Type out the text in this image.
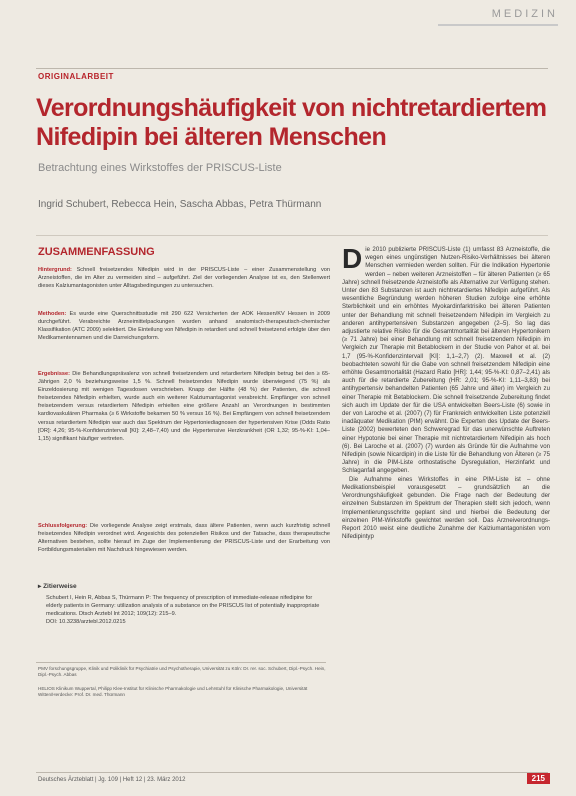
MEDIZIN
ORIGINALARBEIT
Verordnungshäufigkeit von nichtretardiertem Nifedipin bei älteren Menschen
Betrachtung eines Wirkstoffes der PRISCUS-Liste
Ingrid Schubert, Rebecca Hein, Sascha Abbas, Petra Thürmann
ZUSAMMENFASSUNG
Hintergrund: Schnell freisetzendes Nifedipin wird in der PRISCUS-Liste – einer Zusammenstellung von Arzneistoffen, die im Alter zu vermeiden sind – aufgeführt. Ziel der vorliegenden Analyse ist es, den Stellenwert dieses Kalziumantagonisten unter Alltagsbedingungen zu untersuchen.
Methoden: Es wurde eine Querschnittsstudie mit 290 622 Versicherten der AOK Hessen/KV Hessen in 2009 durchgeführt. Verabreichte Arzneimittelpackungen wurden anhand anatomisch-therapeutisch-chemischer Klassifikation (ATC 2009) selektiert. Die Einteilung von Nifedipin in retardiert und schnell freisetzend erfolgte über den Medikamentennamen und die Darreichungsform.
Ergebnisse: Die Behandlungsprävalenz von schnell freisetzendem und retardiertem Nifedipin betrug bei den ≥ 65-Jährigen 2,0 % beziehungsweise 1,5 %. Schnell freisetzendes Nifedipin wurde überwiegend (75 %) als Einzeldosierung mit wenigen Tagesdosen verschrieben. Knapp der Hälfte (48 %) der Patienten, die schnell freisetzendes Nifedipin erhielten, wurde auch ein weiterer Kalziumantagonist verabreicht. Empfänger von schnell freisetzendem versus retardiertem Nifedipin erhielten eine größere Anzahl an Verordnungen in bestimmten kardiovaskulären Pharmaka (≥ 6 Wirkstoffe bekamen 50 % versus 16 %). Bei Empfängern von schnell freisetzendem versus retardiertem Nifedipin war auch das Spektrum der Hypertoniediagnosen der hypertensiven Krise (Odds Ratio [OR]: 4,26; 95-%-Konfidenzintervall [KI]: 2,48–7,40) und die Hypertensive Herzkrankheit (OR 1,32; 95-%-KI: 1,04–1,15) signifikant häufiger vertreten.
Schlussfolgerung: Die vorliegende Analyse zeigt erstmals, dass ältere Patienten, wenn auch kurzfristig schnell freisetzendes Nifedipin verordnet wird. Angesichts des potenziellen Risikos und der Tatsache, dass therapeutische Alternativen bestehen, sollte hierauf im Zuge der Implementierung der PRISCUS-Liste und der Erarbeitung von Fortbildungsmaterialien mit Nachdruck hingewiesen werden.
▸ Zitierweise
Schubert I, Hein R, Abbas S, Thürmann P: The frequency of prescription of immediate-release nifedipine for elderly patients in Germany: utilization analysis of a substance on the PRISCUS list of potentially inappropriate medications. Dtsch Arztebl Int 2012; 109(12): 215–9.
DOI: 10.3238/arztebl.2012.0215
PMV forschungsgruppe, Klinik und Poliklinik für Psychiatrie und Psychotherapie, Universität zu Köln: Dr. rer. soc. Schubert, Dipl.-Psych. Hein, Dipl.-Psych. Abbas
HELIOS Klinikum Wuppertal, Philipp Klee-Institut für Klinische Pharmakologie und Lehrstuhl für Klinische Pharmakologie, Universität Witten/Herdecke: Prof. Dr. med. Thürmann

Die 2010 publizierte PRISCUS-Liste (1) umfasst 83 Arzneistoffe, die wegen eines ungünstigen Nutzen-Risiko-Verhältnisses bei älteren Menschen vermieden werden sollten. Für die Indikation Hypertonie werden – neben weiteren Arzneistoffen – für älteren Patienten (≥ 65 Jahre) schnell freisetzende Arzneistoffe als Alternative zur Verfügung stehen. Unter den 83 Substanzen ist auch nichtretardiertes Nifedipin aufgeführt. Als wesentliche Begründung werden höheren Studien zufolge eine erhöhte Sterblichkeit und ein erhöhtes Myokardinfarktrisiko bei älteren Patienten unter der Behandlung mit schnell freisetzendem Nifedipin im Vergleich zu anderen antihypertensiven Substanzen angegeben (2–5). So lag das adjustierte relative Risiko für die Gesamtmortalität bei älteren Hypertonikern (≥ 71 Jahre) bei einer Behandlung mit schnell freisetzendem Nifedipin im Vergleich zur Therapie mit Betablockern in der Studie von Pahor et al. bei 1,7 (95-%-Konfidenzintervall [KI]: 1,1–2,7) (2). Maxwell et al. (2) beobachteten sowohl für die Gabe von schnell freisetzendem Nifedipin eine erhöhte Gesamtmortalität (Hazard Ratio [HR]: 1,44; 95-%-KI: 0,87–2,41) als auch für die retardierte Zubereitung (HR: 2,01; 95-%-KI: 1,11–3,83) bei antihypertensiv behandelten Patienten (65 Jahre und älter) im Vergleich zu einer Therapie mit Betablockern. Die schnell freisetzende Zubereitung findet sich auch im Update der für die USA entwickelten Beers-Liste (6) sowie in der von Laroche et al. (2007) (7) für Frankreich entwickelten Liste potenziell inadäquater Medikation (PIM) erwähnt. Die Experten des Update der Beers-Liste (2002) bewerteten den Schweregrad für das unerwünschte Auftreten einer Hypotonie bei einer Therapie mit nichtretardiertem Nifedipin als hoch (6). Bei Laroche et al. (2007) (7) wurden als Gründe für die Aufnahme von Nifedipin (sowie Nicardipin) in die Liste für die Behandlung von Älteren (≥ 75 Jahre) in die PIM-Liste orthostatische Dysregulation, Herzinfarkt und Schlaganfall angegeben.

Die Aufnahme eines Wirkstoffes in eine PIM-Liste ist – ohne Medikationsbeispiel vorausgesetzt – grundsätzlich an die Verordnungshäufigkeit gebunden. Die Frage nach der Bedeutung der einzelnen Substanzen im Spektrum der Therapien stellt sich jedoch, wenn Implementierungsschritte geplant sind und hierbei die Bedeutung der einzelnen PIM-Wirkstoffe gewichtet werden soll. Das Arzneiverordnungs-Report 2010 weist eine deutliche Zunahme der Kalziumantagonisten vom Nifedipintyp

Deutsches Ärzteblatt | Jg. 109 | Heft 12 | 23. März 2012	215
